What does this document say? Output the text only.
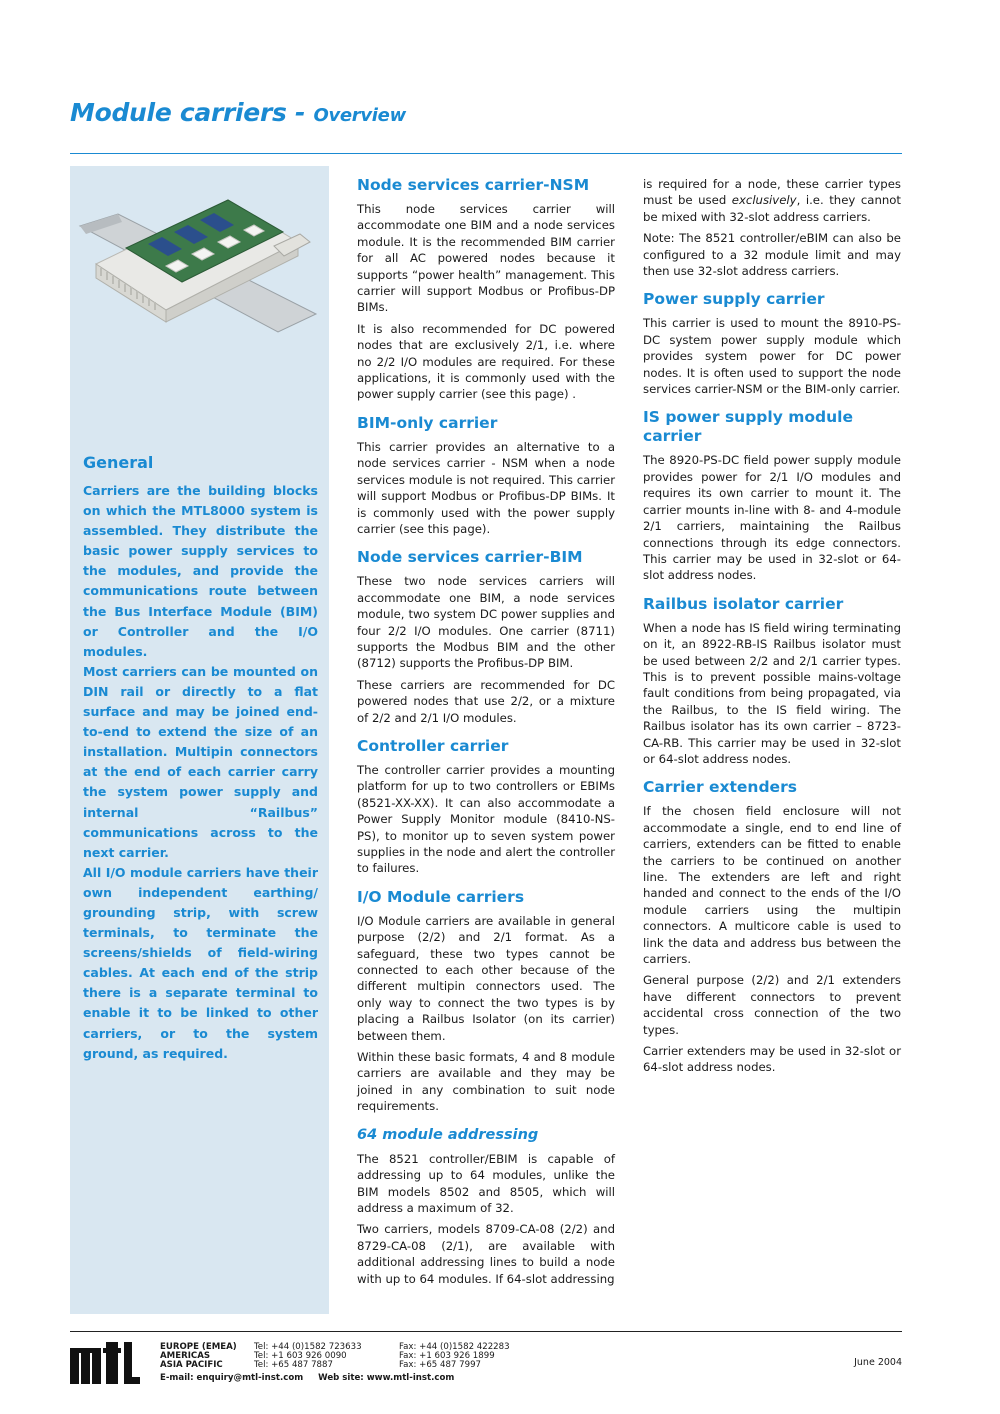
Module carriers - Overview
General

Carriers are the building blocks on which the MTL8000 system is assembled. They distribute the basic power supply services to the modules, and provide the communications route between the Bus Interface Module (BIM) or Controller and the I/O modules.

Most carriers can be mounted on DIN rail or directly to a flat surface and may be joined end-to-end to extend the size of an installation. Multipin connectors at the end of each carrier carry the system power supply and internal “Railbus” communications across to the next carrier.

All I/O module carriers have their own independent earthing/ grounding strip, with screw terminals, to terminate the screens/shields of field-wiring cables. At each end of the strip there is a separate terminal to enable it to be linked to other carriers, or to the system ground, as required.

Node services carrier-NSM

This node services carrier will accommodate one BIM and a node services module. It is the recommended BIM carrier for all AC powered nodes because it supports “power health” management. This carrier will support Modbus or Profibus-DP BIMs.

It is also recommended for DC powered nodes that are exclusively 2/1, i.e. where no 2/2 I/O modules are required. For these applications, it is commonly used with the power supply carrier (see this page) .

BIM-only carrier

This carrier provides an alternative to a node services carrier - NSM when a node services module is not required. This carrier will support Modbus or Profibus-DP BIMs. It is commonly used with the power supply carrier (see this page).

Node services carrier-BIM

These two node services carriers will accommodate one BIM, a node services module, two system DC power supplies and four 2/2 I/O modules. One carrier (8711) supports the Modbus BIM and the other (8712) supports the Profibus-DP BIM.

These carriers are recommended for DC powered nodes that use 2/2, or a mixture of 2/2 and 2/1 I/O modules.

Controller carrier

The controller carrier provides a mounting platform for up to two controllers or EBIMs (8521-XX-XX). It can also accommodate a Power Supply Monitor module (8410-NS-PS), to monitor up to seven system power supplies in the node and alert the controller to failures.

I/O Module carriers

I/O Module carriers are available in general purpose (2/2) and 2/1 format. As a safeguard, these two types cannot be connected to each other because of the different multipin connectors used. The only way to connect the two types is by placing a Railbus Isolator (on its carrier) between them.

Within these basic formats, 4 and 8 module carriers are available and they may be joined in any combination to suit node requirements.

64 module addressing

The 8521 controller/EBIM is capable of addressing up to 64 modules, unlike the BIM models 8502 and 8505, which will address a maximum of 32.

Two carriers, models 8709-CA-08 (2/2) and 8729-CA-08 (2/1), are available with additional addressing lines to build a node with up to 64 modules. If 64-slot addressing

is required for a node, these carrier types must be used exclusively, i.e. they cannot be mixed with 32-slot address carriers.

Note: The 8521 controller/eBIM can also be configured to a 32 module limit and may then use 32-slot address carriers.

Power supply carrier

This carrier is used to mount the 8910-PS-DC system power supply module which provides system power for DC power nodes. It is often used to support the node services carrier-NSM or the BIM-only carrier.

IS power supply module carrier

The 8920-PS-DC field power supply module provides power for 2/1 I/O modules and requires its own carrier to mount it. The carrier mounts in-line with 8- and 4-module 2/1 carriers, maintaining the Railbus connections through its edge connectors. This carrier may be used in 32-slot or 64-slot address nodes.

Railbus isolator carrier

When a node has IS field wiring terminating on it, an 8922-RB-IS Railbus isolator must be used between 2/2 and 2/1 carrier types. This is to prevent possible mains-voltage fault conditions from being propagated, via the Railbus, to the IS field wiring. The Railbus isolator has its own carrier – 8723-CA-RB. This carrier may be used in 32-slot or 64-slot address nodes.

Carrier extenders

If the chosen field enclosure will not accommodate a single, end to end line of carriers, extenders can be fitted to enable the carriers to be continued on another line. The extenders are left and right handed and connect to the ends of the I/O module carriers using the multipin connectors. A multicore cable is used to link the data and address bus between the carriers.

General purpose (2/2) and 2/1 extenders have different connectors to prevent accidental cross connection of the two types.

Carrier extenders may be used in 32-slot or 64-slot address nodes.

EUROPE (EMEA)
AMERICAS
ASIA PACIFIC
Tel: +44 (0)1582 723633
Tel: +1 603 926 0090
Tel: +65 487 7887
Fax: +44 (0)1582 422283
Fax: +1 603 926 1899
Fax: +65 487 7997
E-mail: enquiry@mtl-inst.com     Web site: www.mtl-inst.com
June 2004
